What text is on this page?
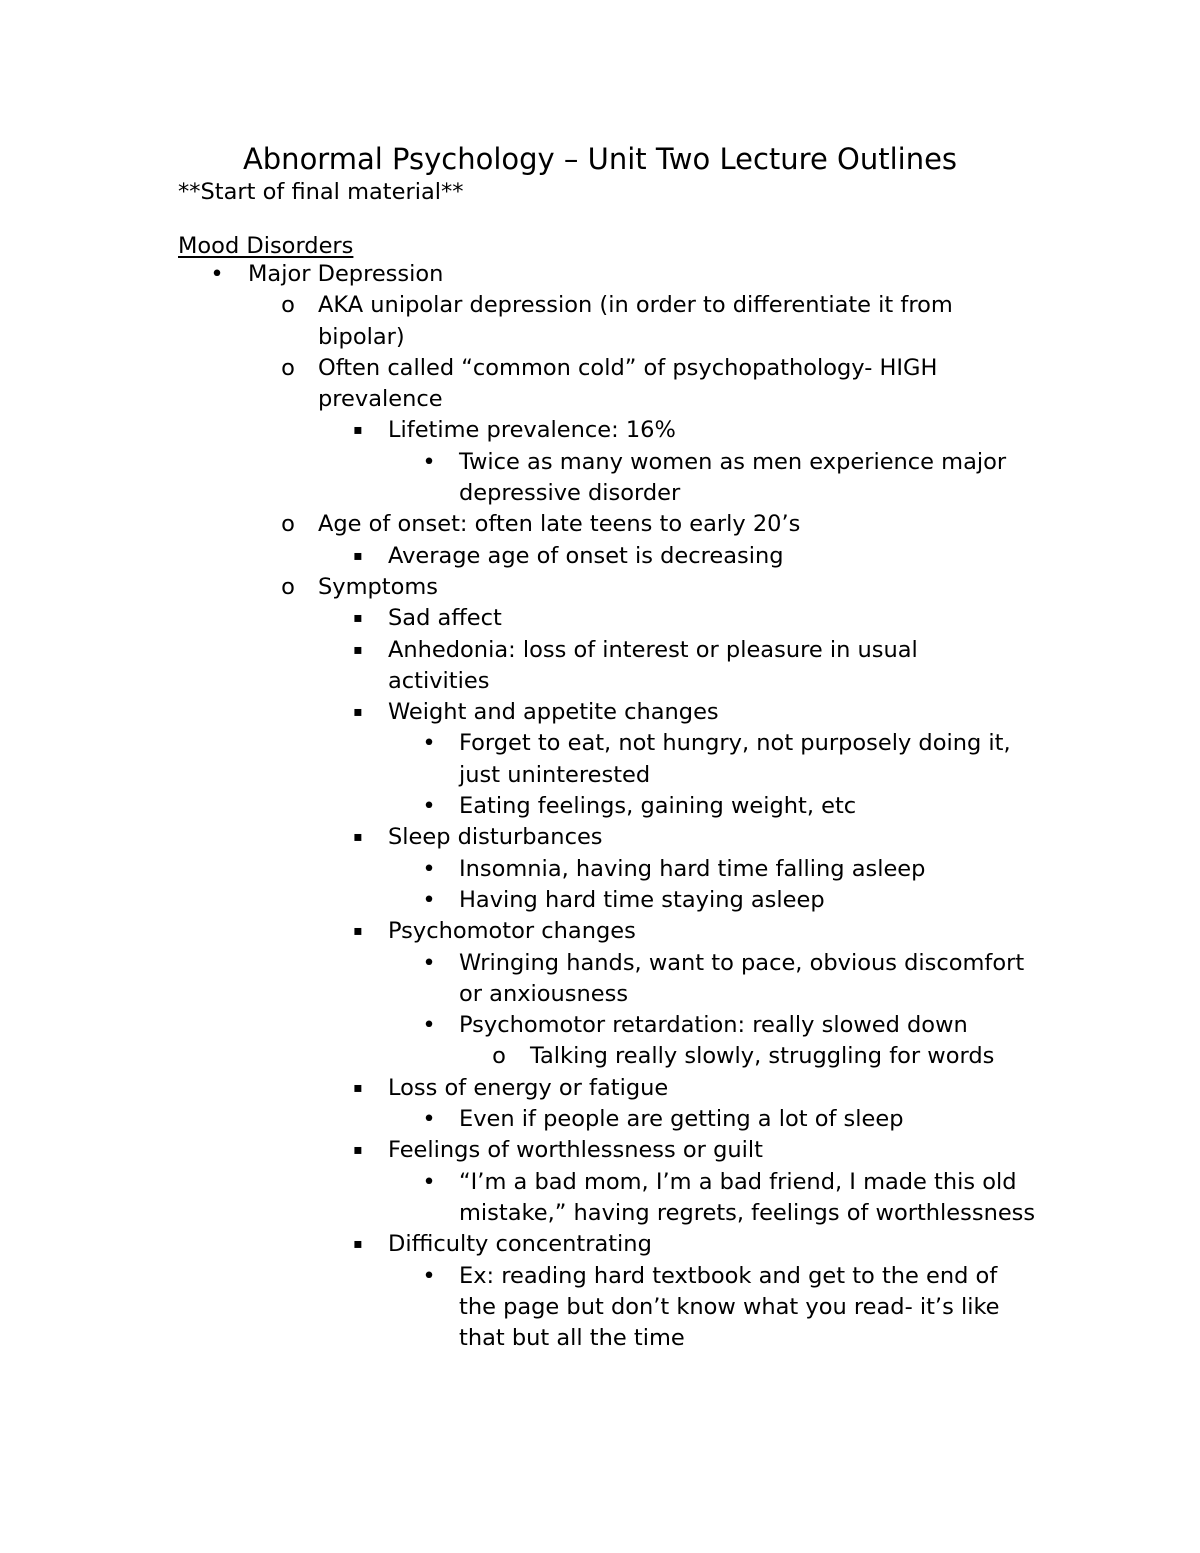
Abnormal Psychology – Unit Two Lecture Outlines

**Start of final material**

Mood Disorders

•	Major Depression
o	AKA unipolar depression (in order to differentiate it from bipolar)
o	Often called “common cold” of psychopathology- HIGH prevalence
▪	Lifetime prevalence: 16%
•	Twice as many women as men experience major depressive disorder
o	Age of onset: often late teens to early 20’s
▪	Average age of onset is decreasing
o	Symptoms
▪	Sad affect
▪	Anhedonia: loss of interest or pleasure in usual activities
▪	Weight and appetite changes
•	Forget to eat, not hungry, not purposely doing it, just uninterested
•	Eating feelings, gaining weight, etc
▪	Sleep disturbances
•	Insomnia, having hard time falling asleep
•	Having hard time staying asleep
▪	Psychomotor changes
•	Wringing hands, want to pace, obvious discomfort or anxiousness
•	Psychomotor retardation: really slowed down
o	Talking really slowly, struggling for words
▪	Loss of energy or fatigue
•	Even if people are getting a lot of sleep
▪	Feelings of worthlessness or guilt
•	“I’m a bad mom, I’m a bad friend, I made this old mistake,” having regrets, feelings of worthlessness
▪	Difficulty concentrating
•	Ex: reading hard textbook and get to the end of the page but don’t know what you read- it’s like that but all the time
